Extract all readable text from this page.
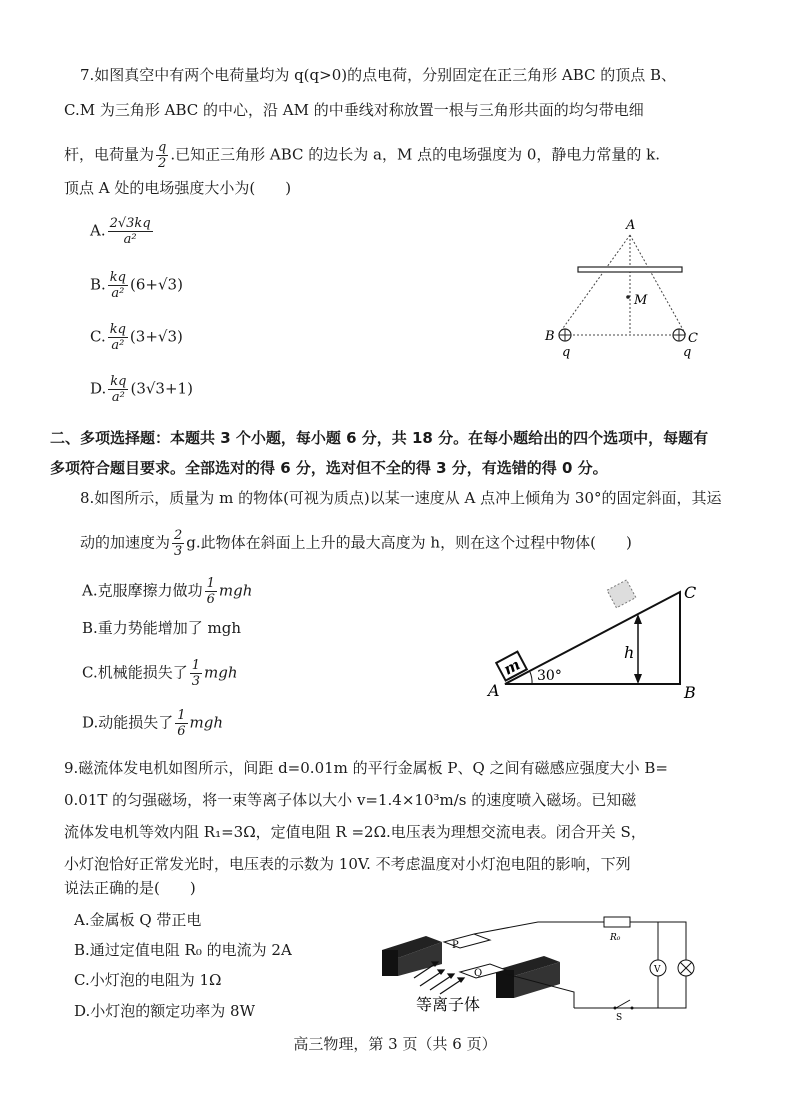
7.如图真空中有两个电荷量均为 q(q>0)的点电荷，分别固定在正三角形 ABC 的顶点 B、
C.M 为三角形 ABC 的中心，沿 AM 的中垂线对称放置一根与三角形共面的均匀带电细
杆，电荷量为 $\frac{q}{2}$ .已知正三角形 ABC 的边长为 a，M 点的电场强度为 0，静电力常量的 k.
顶点 A 处的电场强度大小为(　　)
A. $\frac{2√3kq}{\text{a²}}$
B. $\frac{kq}{\text{a²}} (6+√3)$
C. $\frac{kq}{\text{a²}} (3+√3)$
D. $\frac{kq}{\text{a²}} (3√3+1)$
A
M
B	C
q	q
二、多项选择题：本题共 3 个小题，每小题 6 分，共 18 分。在每小题给出的四个选项中，每题有
多项符合题目要求。全部选对的得 6 分，选对但不全的得 3 分，有选错的得 0 分。
8.如图所示，质量为 m 的物体(可视为质点)以某一速度从 A 点冲上倾角为 30°的固定斜面，其运
动的加速度为 $\frac{2}{3} g$.此物体在斜面上上升的最大高度为 h，则在这个过程中物体(　　)
A.克服摩擦力做功 $\frac{1}{6}$ mgh
B.重力势能增加了 mgh
C.机械能损失了 $\frac{1}{3}$ mgh
D.动能损失了 $\frac{1}{6}$ mgh
m 30°
h
A	B
C
9.磁流体发电机如图所示，间距 d=0.01m 的平行金属板 P、Q 之间有磁感应强度大小 B=
0.01T 的匀强磁场，将一束等离子体以大小 v=1.4×10³m/s 的速度喷入磁场。已知磁
流体发电机等效内阻 R₁=3Ω，定值电阻 R =2Ω.电压表为理想交流电表。闭合开关 S，
小灯泡恰好正常发光时，电压表的示数为 10V. 不考虑温度对小灯泡电阻的影响，下列
说法正确的是(　　)
A.金属板 Q 带正电
B.通过定值电阻 R₀ 的电流为 2A
C.小灯泡的电阻为 1Ω
D.小灯泡的额定功率为 8W
P
Q
等离子体
R₀
V
S
高三物理，第 3 页（共 6 页）
